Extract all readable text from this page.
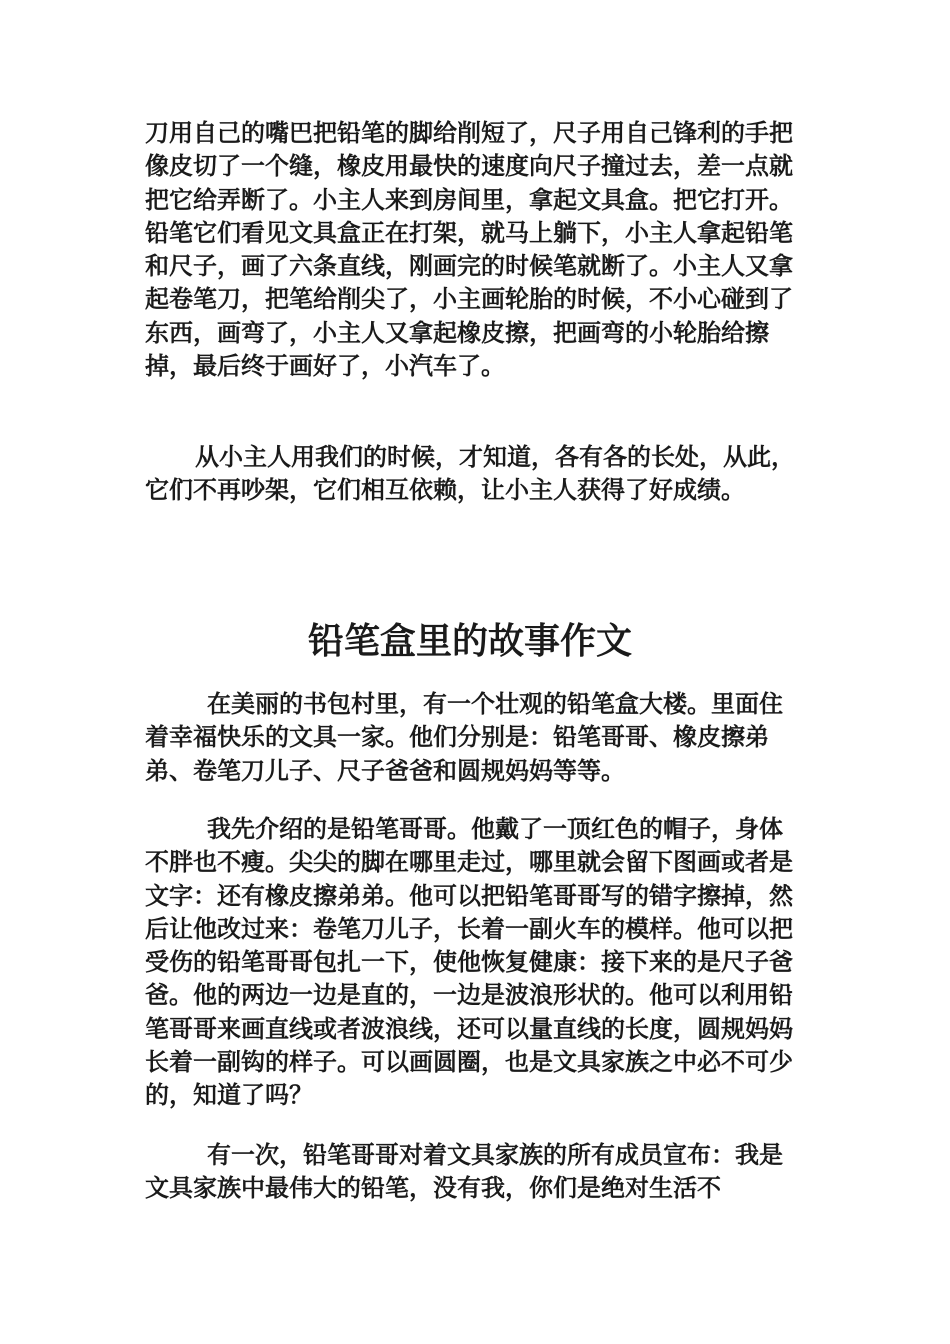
刀用自己的嘴巴把铅笔的脚给削短了，尺子用自己锋利的手把像皮切了一个缝，橡皮用最快的速度向尺子撞过去，差一点就把它给弄断了。小主人来到房间里，拿起文具盒。把它打开。铅笔它们看见文具盒正在打架，就马上躺下，小主人拿起铅笔和尺子，画了六条直线，刚画完的时候笔就断了。小主人又拿起卷笔刀，把笔给削尖了，小主画轮胎的时候，不小心碰到了东西，画弯了，小主人又拿起橡皮擦，把画弯的小轮胎给擦掉，最后终于画好了，小汽车了。

从小主人用我们的时候，才知道，各有各的长处，从此，它们不再吵架，它们相互依赖，让小主人获得了好成绩。

铅笔盒里的故事作文

在美丽的书包村里，有一个壮观的铅笔盒大楼。里面住着幸福快乐的文具一家。他们分别是：铅笔哥哥、橡皮擦弟弟、卷笔刀儿子、尺子爸爸和圆规妈妈等等。

我先介绍的是铅笔哥哥。他戴了一顶红色的帽子，身体不胖也不瘦。尖尖的脚在哪里走过，哪里就会留下图画或者是文字：还有橡皮擦弟弟。他可以把铅笔哥哥写的错字擦掉，然后让他改过来：卷笔刀儿子，长着一副火车的模样。他可以把受伤的铅笔哥哥包扎一下，使他恢复健康：接下来的是尺子爸爸。他的两边一边是直的，一边是波浪形状的。他可以利用铅笔哥哥来画直线或者波浪线，还可以量直线的长度，圆规妈妈长着一副钩的样子。可以画圆圈，也是文具家族之中必不可少的，知道了吗？

有一次，铅笔哥哥对着文具家族的所有成员宣布：我是文具家族中最伟大的铅笔，没有我，你们是绝对生活不
